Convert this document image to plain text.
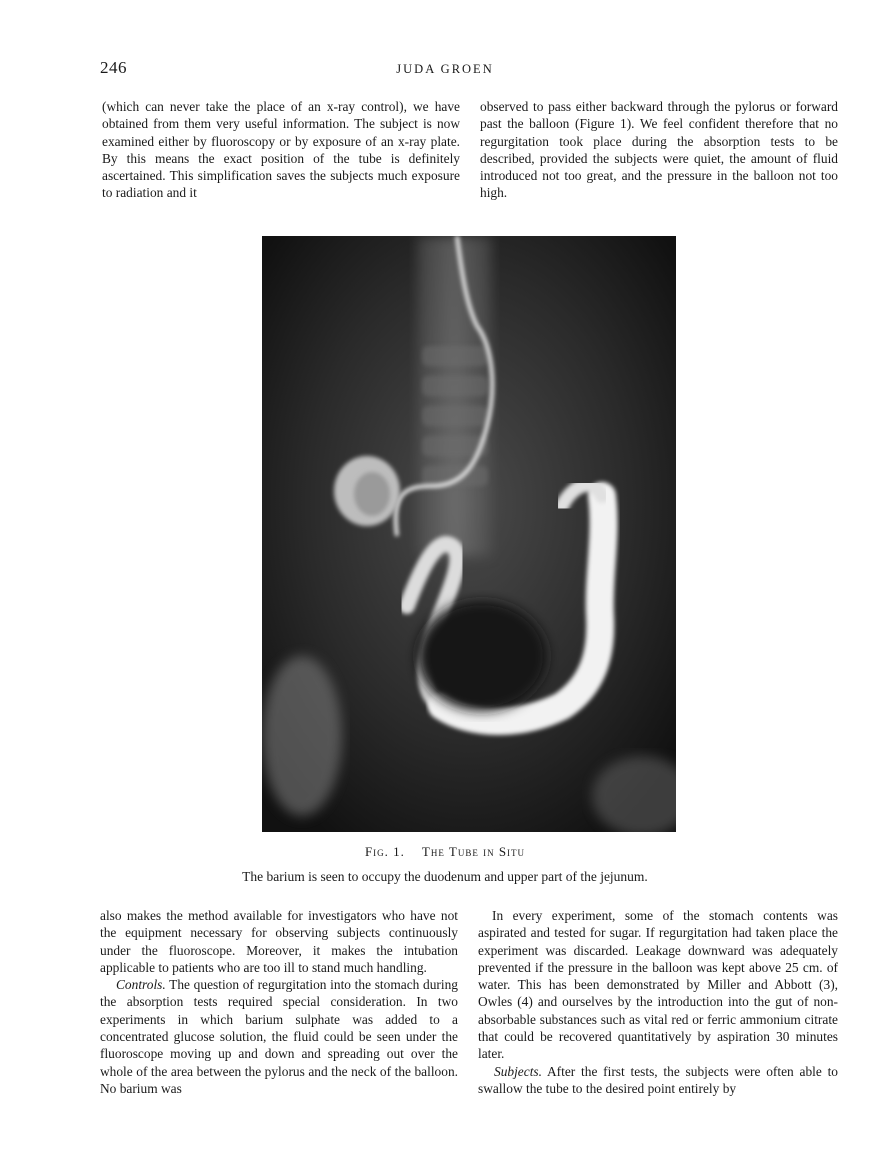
246	JUDA GROEN

(which can never take the place of an x-ray control), we have obtained from them very useful information. The subject is now examined either by fluoroscopy or by exposure of an x-ray plate. By this means the exact position of the tube is definitely ascertained. This simplification saves the subjects much exposure to radiation and it

observed to pass either backward through the pylorus or forward past the balloon (Figure 1). We feel confident therefore that no regurgitation took place during the absorption tests to be described, provided the subjects were quiet, the amount of fluid introduced not too great, and the pressure in the balloon not too high.

Fig. 1. The Tube in Situ
The barium is seen to occupy the duodenum and upper part of the jejunum.

also makes the method available for investigators who have not the equipment necessary for observing subjects continuously under the fluoroscope. Moreover, it makes the intubation applicable to patients who are too ill to stand much handling.

Controls. The question of regurgitation into the stomach during the absorption tests required special consideration. In two experiments in which barium sulphate was added to a concentrated glucose solution, the fluid could be seen under the fluoroscope moving up and down and spreading out over the whole of the area between the pylorus and the neck of the balloon. No barium was

In every experiment, some of the stomach contents was aspirated and tested for sugar. If regurgitation had taken place the experiment was discarded. Leakage downward was adequately prevented if the pressure in the balloon was kept above 25 cm. of water. This has been demonstrated by Miller and Abbott (3), Owles (4) and ourselves by the introduction into the gut of non-absorbable substances such as vital red or ferric ammonium citrate that could be recovered quantitatively by aspiration 30 minutes later.

Subjects. After the first tests, the subjects were often able to swallow the tube to the desired point entirely by
